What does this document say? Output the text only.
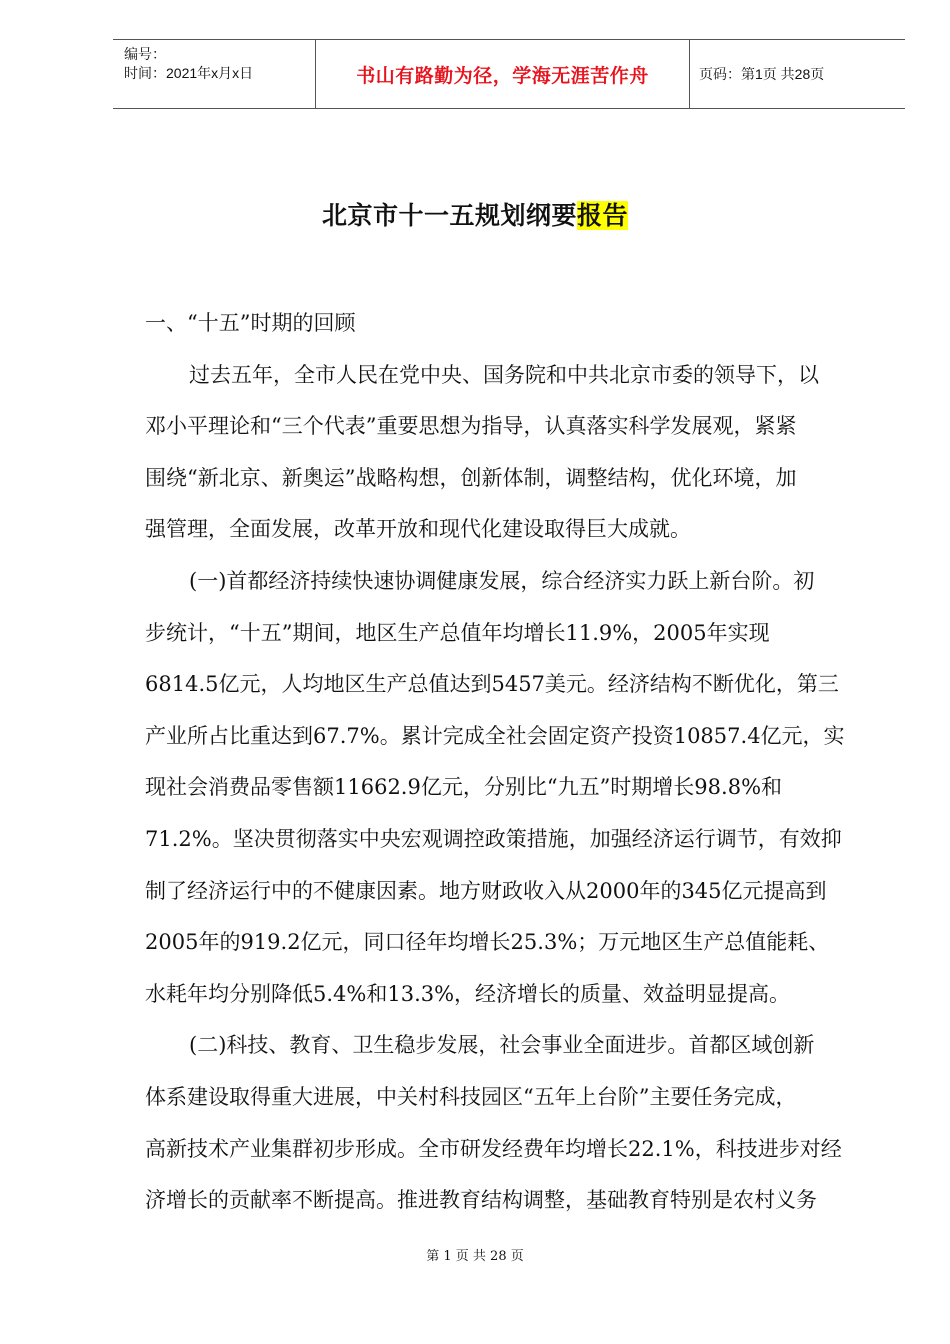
编号：
时间：2021年x月x日	书山有路勤为径，学海无涯苦作舟	页码：第1页 共28页
北京市十一五规划纲要报告
一、“十五”时期的回顾
过去五年，全市人民在党中央、国务院和中共北京市委的领导下，以
邓小平理论和“三个代表”重要思想为指导，认真落实科学发展观，紧紧
围绕“新北京、新奥运”战略构想，创新体制，调整结构，优化环境，加
强管理，全面发展，改革开放和现代化建设取得巨大成就。
(一)首都经济持续快速协调健康发展，综合经济实力跃上新台阶。初
步统计，“十五”期间，地区生产总值年均增长11.9%，2005年实现
6814.5亿元，人均地区生产总值达到5457美元。经济结构不断优化，第三
产业所占比重达到67.7%。累计完成全社会固定资产投资10857.4亿元，实
现社会消费品零售额11662.9亿元，分别比“九五”时期增长98.8%和
71.2%。坚决贯彻落实中央宏观调控政策措施，加强经济运行调节，有效抑
制了经济运行中的不健康因素。地方财政收入从2000年的345亿元提高到
2005年的919.2亿元，同口径年均增长25.3%；万元地区生产总值能耗、
水耗年均分别降低5.4%和13.3%，经济增长的质量、效益明显提高。
(二)科技、教育、卫生稳步发展，社会事业全面进步。首都区域创新
体系建设取得重大进展，中关村科技园区“五年上台阶”主要任务完成，
高新技术产业集群初步形成。全市研发经费年均增长22.1%，科技进步对经
济增长的贡献率不断提高。推进教育结构调整，基础教育特别是农村义务
第 1 页 共 28 页
